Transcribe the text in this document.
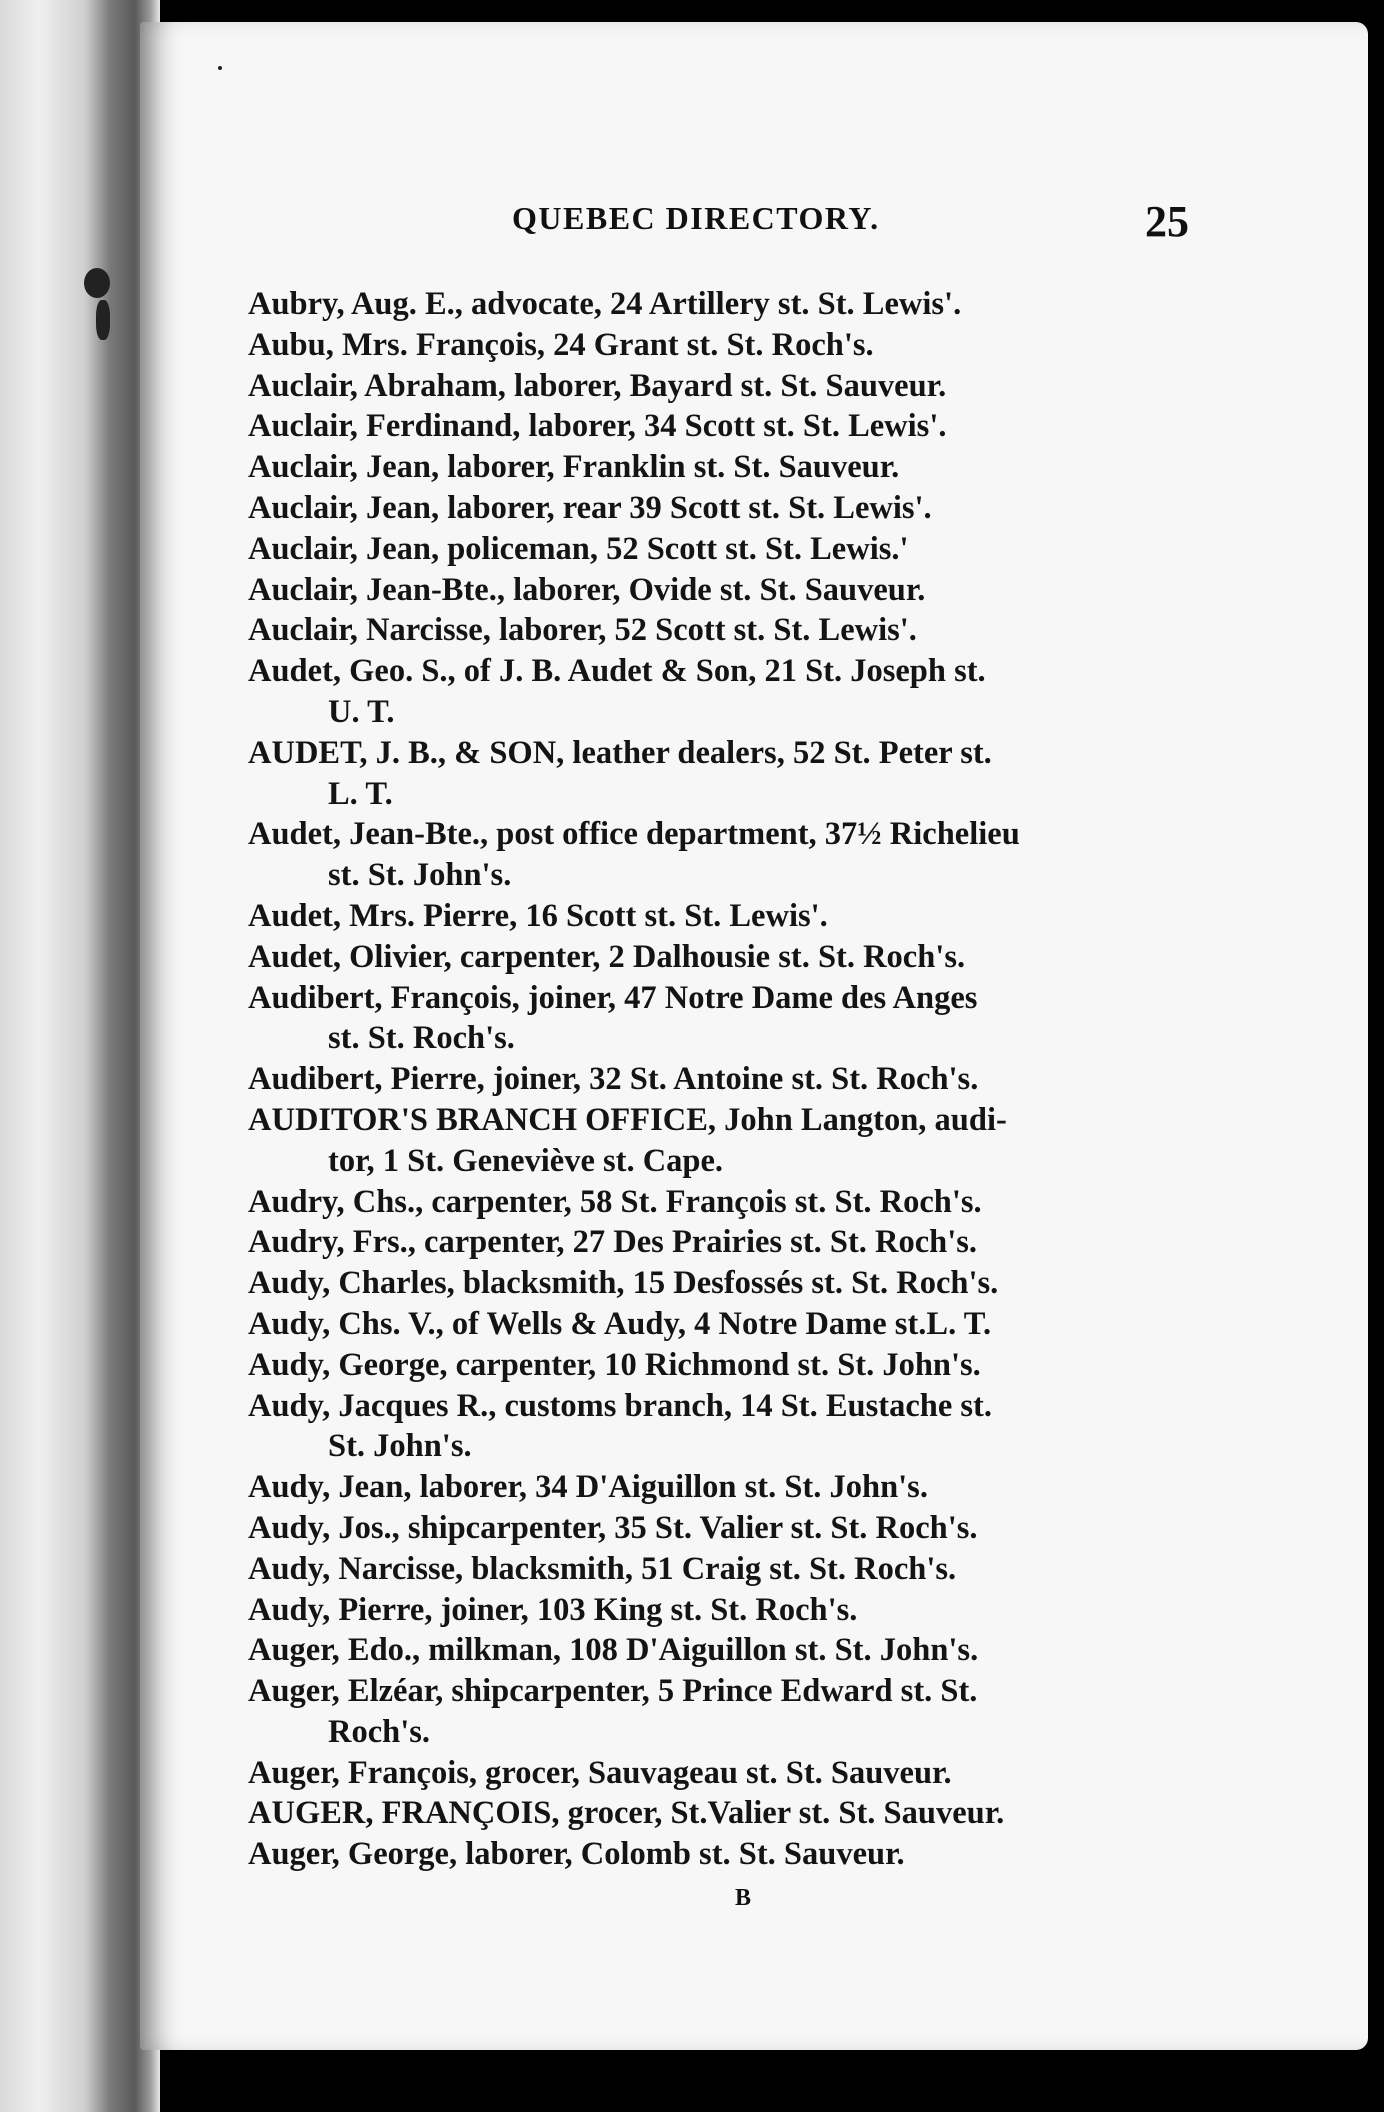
QUEBEC DIRECTORY.	25
Aubry, Aug. E., advocate, 24 Artillery st. St. Lewis'.
Aubu, Mrs. François, 24 Grant st. St. Roch's.
Auclair, Abraham, laborer, Bayard st. St. Sauveur.
Auclair, Ferdinand, laborer, 34 Scott st. St. Lewis'.
Auclair, Jean, laborer, Franklin st. St. Sauveur.
Auclair, Jean, laborer, rear 39 Scott st. St. Lewis'.
Auclair, Jean, policeman, 52 Scott st. St. Lewis.'
Auclair, Jean-Bte., laborer, Ovide st. St. Sauveur.
Auclair, Narcisse, laborer, 52 Scott st. St. Lewis'.
Audet, Geo. S., of J. B. Audet & Son, 21 St. Joseph st.
U. T.
AUDET, J. B., & SON, leather dealers, 52 St. Peter st.
L. T.
Audet, Jean-Bte., post office department, 37½ Richelieu
st. St. John's.
Audet, Mrs. Pierre, 16 Scott st. St. Lewis'.
Audet, Olivier, carpenter, 2 Dalhousie st. St. Roch's.
Audibert, François, joiner, 47 Notre Dame des Anges
st. St. Roch's.
Audibert, Pierre, joiner, 32 St. Antoine st. St. Roch's.
AUDITOR'S BRANCH OFFICE, John Langton, audi-
tor, 1 St. Geneviève st. Cape.
Audry, Chs., carpenter, 58 St. François st. St. Roch's.
Audry, Frs., carpenter, 27 Des Prairies st. St. Roch's.
Audy, Charles, blacksmith, 15 Desfossés st. St. Roch's.
Audy, Chs. V., of Wells & Audy, 4 Notre Dame st.L. T.
Audy, George, carpenter, 10 Richmond st. St. John's.
Audy, Jacques R., customs branch, 14 St. Eustache st.
St. John's.
Audy, Jean, laborer, 34 D'Aiguillon st. St. John's.
Audy, Jos., shipcarpenter, 35 St. Valier st. St. Roch's.
Audy, Narcisse, blacksmith, 51 Craig st. St. Roch's.
Audy, Pierre, joiner, 103 King st. St. Roch's.
Auger, Edo., milkman, 108 D'Aiguillon st. St. John's.
Auger, Elzéar, shipcarpenter, 5 Prince Edward st. St.
Roch's.
Auger, François, grocer, Sauvageau st. St. Sauveur.
AUGER, FRANÇOIS, grocer, St.Valier st. St. Sauveur.
Auger, George, laborer, Colomb st. St. Sauveur.
B
